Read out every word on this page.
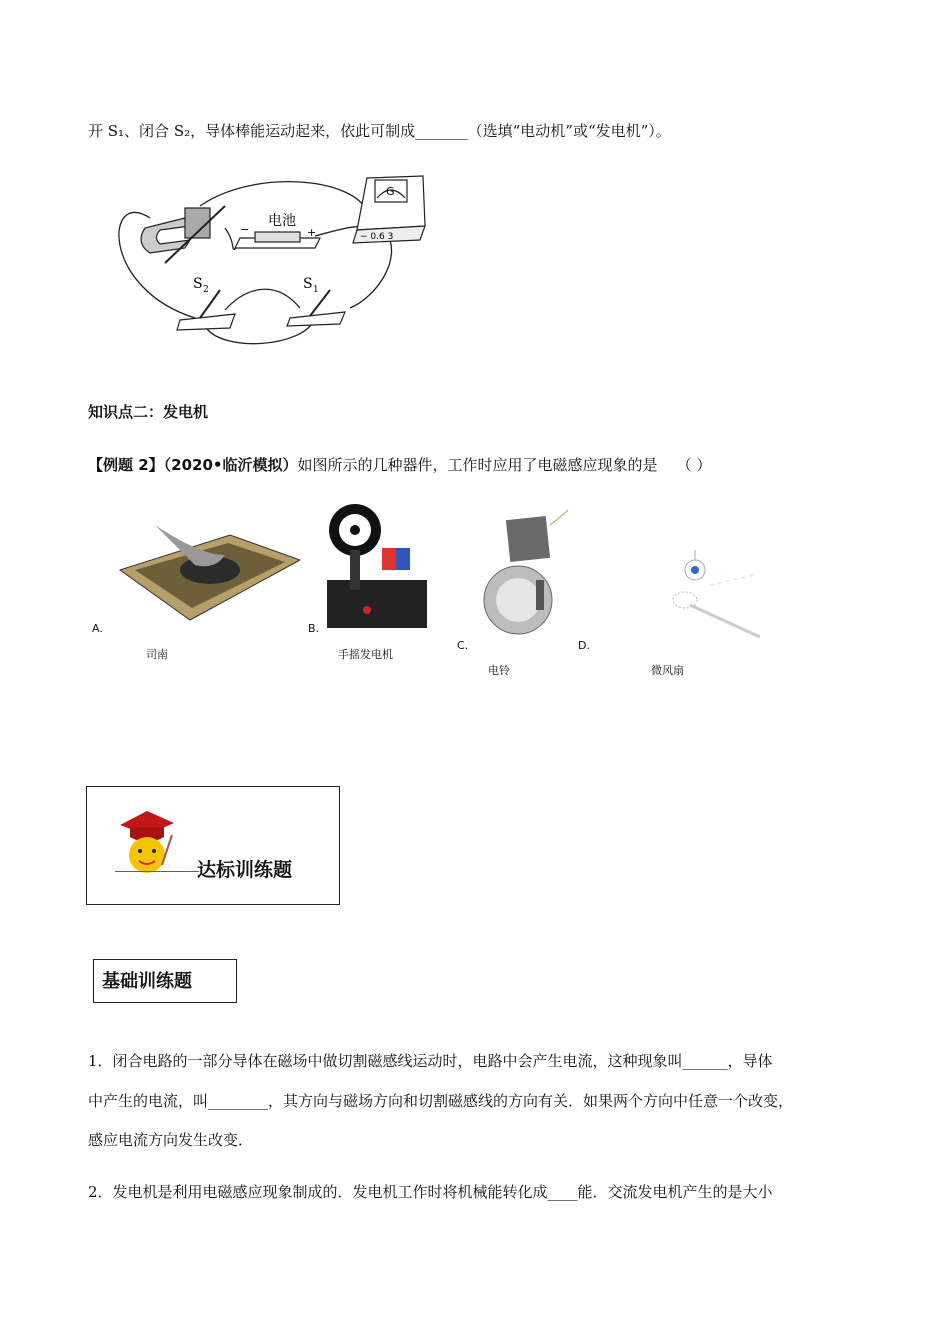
开 S₁、闭合 S₂，导体棒能运动起来，依此可制成_______（选填“电动机”或“发电机”）。
电池
−	+
G
− 0.6 3
S 2	S 1
知识点二：发电机
【例题 2】（2020•临沂模拟）如图所示的几种器件，工作时应用了电磁感应现象的是 （ ）
A.
司南
B.
手摇发电机
C.
电铃
D.
微风扇
达标训练题
基础训练题
1．闭合电路的一部分导体在磁场中做切割磁感线运动时，电路中会产生电流，这种现象叫______，导体
中产生的电流，叫________，其方向与磁场方向和切割磁感线的方向有关．如果两个方向中任意一个改变，
感应电流方向发生改变．
2．发电机是利用电磁感应现象制成的．发电机工作时将机械能转化成____能．交流发电机产生的是大小
